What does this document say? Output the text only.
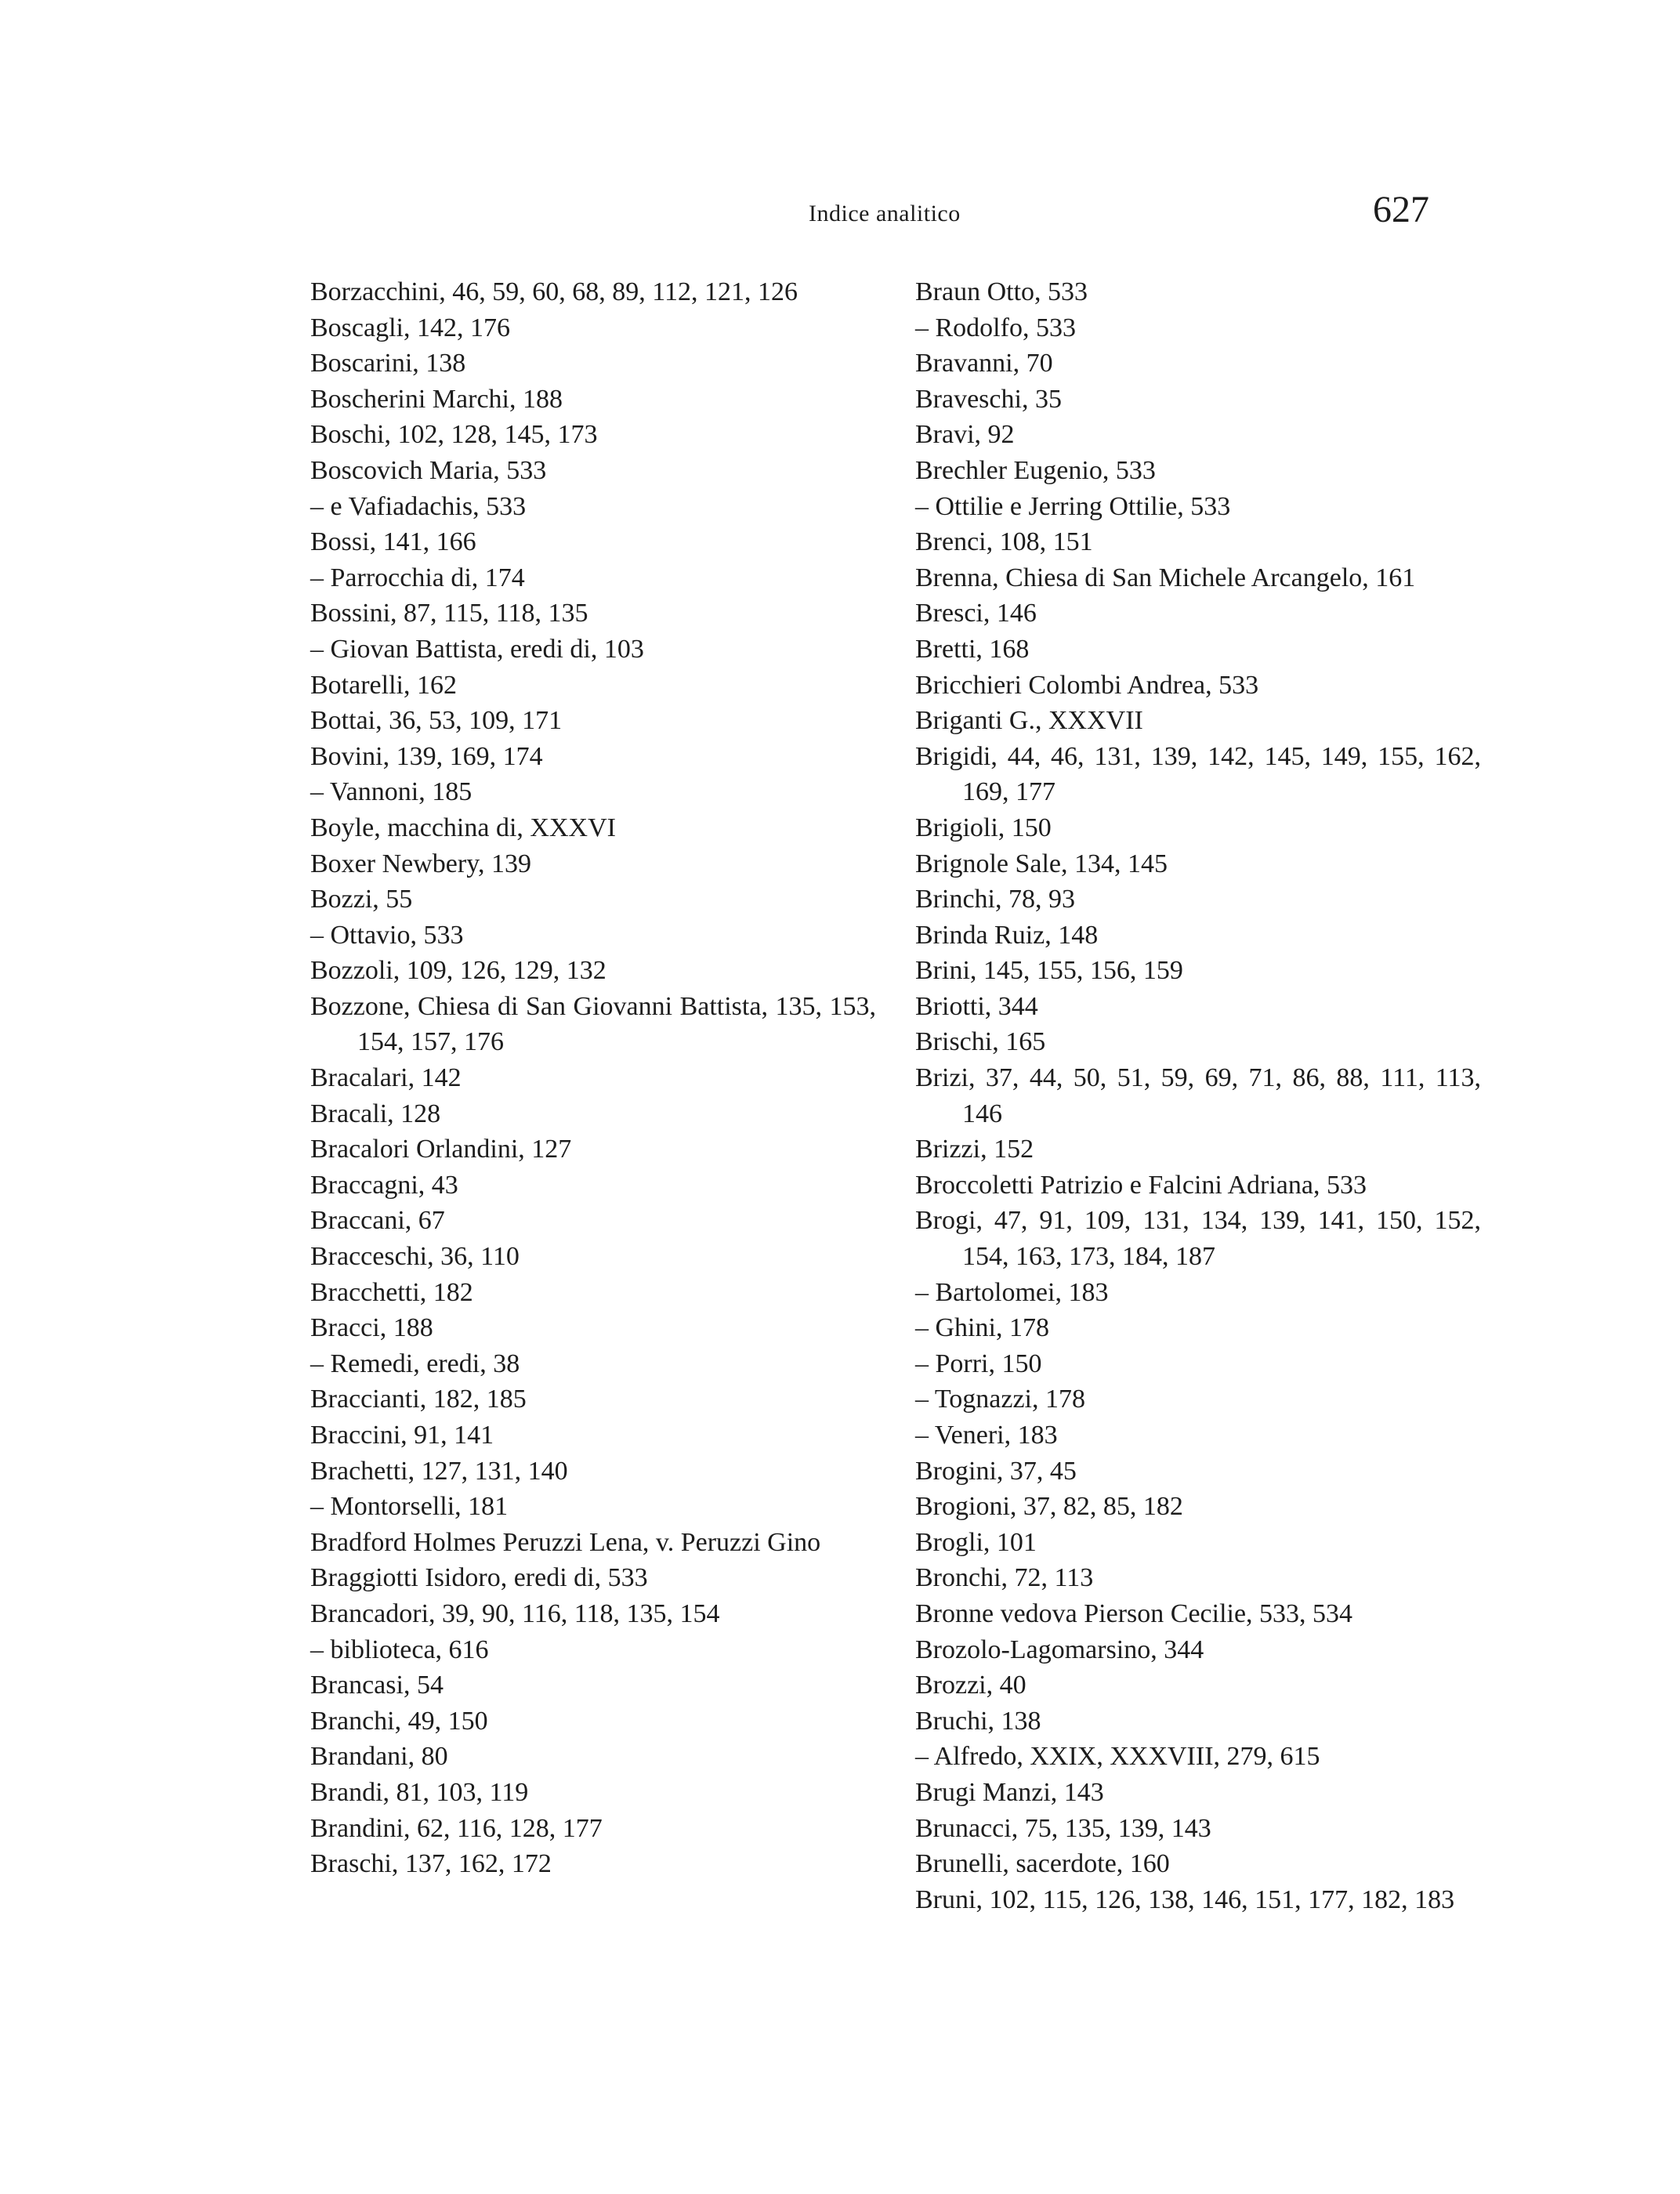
Indice analitico	627
Borzacchini, 46, 59, 60, 68, 89, 112, 121, 126
Boscagli, 142, 176
Boscarini, 138
Boscherini Marchi, 188
Boschi, 102, 128, 145, 173
Boscovich Maria, 533
– e Vafiadachis, 533
Bossi, 141, 166
– Parrocchia di, 174
Bossini, 87, 115, 118, 135
– Giovan Battista, eredi di, 103
Botarelli, 162
Bottai, 36, 53, 109, 171
Bovini, 139, 169, 174
– Vannoni, 185
Boyle, macchina di, XXXVI
Boxer Newbery, 139
Bozzi, 55
– Ottavio, 533
Bozzoli, 109, 126, 129, 132
Bozzone, Chiesa di San Giovanni Battista, 135, 153, 154, 157, 176
Bracalari, 142
Bracali, 128
Bracalori Orlandini, 127
Braccagni, 43
Braccani, 67
Bracceschi, 36, 110
Bracchetti, 182
Bracci, 188
– Remedi, eredi, 38
Braccianti, 182, 185
Braccini, 91, 141
Brachetti, 127, 131, 140
– Montorselli, 181
Bradford Holmes Peruzzi Lena, v. Peruzzi Gino
Braggiotti Isidoro, eredi di, 533
Brancadori, 39, 90, 116, 118, 135, 154
– biblioteca, 616
Brancasi, 54
Branchi, 49, 150
Brandani, 80
Brandi, 81, 103, 119
Brandini, 62, 116, 128, 177
Braschi, 137, 162, 172
Braun Otto, 533
– Rodolfo, 533
Bravanni, 70
Braveschi, 35
Bravi, 92
Brechler Eugenio, 533
– Ottilie e Jerring Ottilie, 533
Brenci, 108, 151
Brenna, Chiesa di San Michele Arcangelo, 161
Bresci, 146
Bretti, 168
Bricchieri Colombi Andrea, 533
Briganti G., XXXVII
Brigidi, 44, 46, 131, 139, 142, 145, 149, 155, 162, 169, 177
Brigioli, 150
Brignole Sale, 134, 145
Brinchi, 78, 93
Brinda Ruiz, 148
Brini, 145, 155, 156, 159
Briotti, 344
Brischi, 165
Brizi, 37, 44, 50, 51, 59, 69, 71, 86, 88, 111, 113, 146
Brizzi, 152
Broccoletti Patrizio e Falcini Adriana, 533
Brogi, 47, 91, 109, 131, 134, 139, 141, 150, 152, 154, 163, 173, 184, 187
– Bartolomei, 183
– Ghini, 178
– Porri, 150
– Tognazzi, 178
– Veneri, 183
Brogini, 37, 45
Brogioni, 37, 82, 85, 182
Brogli, 101
Bronchi, 72, 113
Bronne vedova Pierson Cecilie, 533, 534
Brozolo-Lagomarsino, 344
Brozzi, 40
Bruchi, 138
– Alfredo, XXIX, XXXVIII, 279, 615
Brugi Manzi, 143
Brunacci, 75, 135, 139, 143
Brunelli, sacerdote, 160
Bruni, 102, 115, 126, 138, 146, 151, 177, 182, 183
